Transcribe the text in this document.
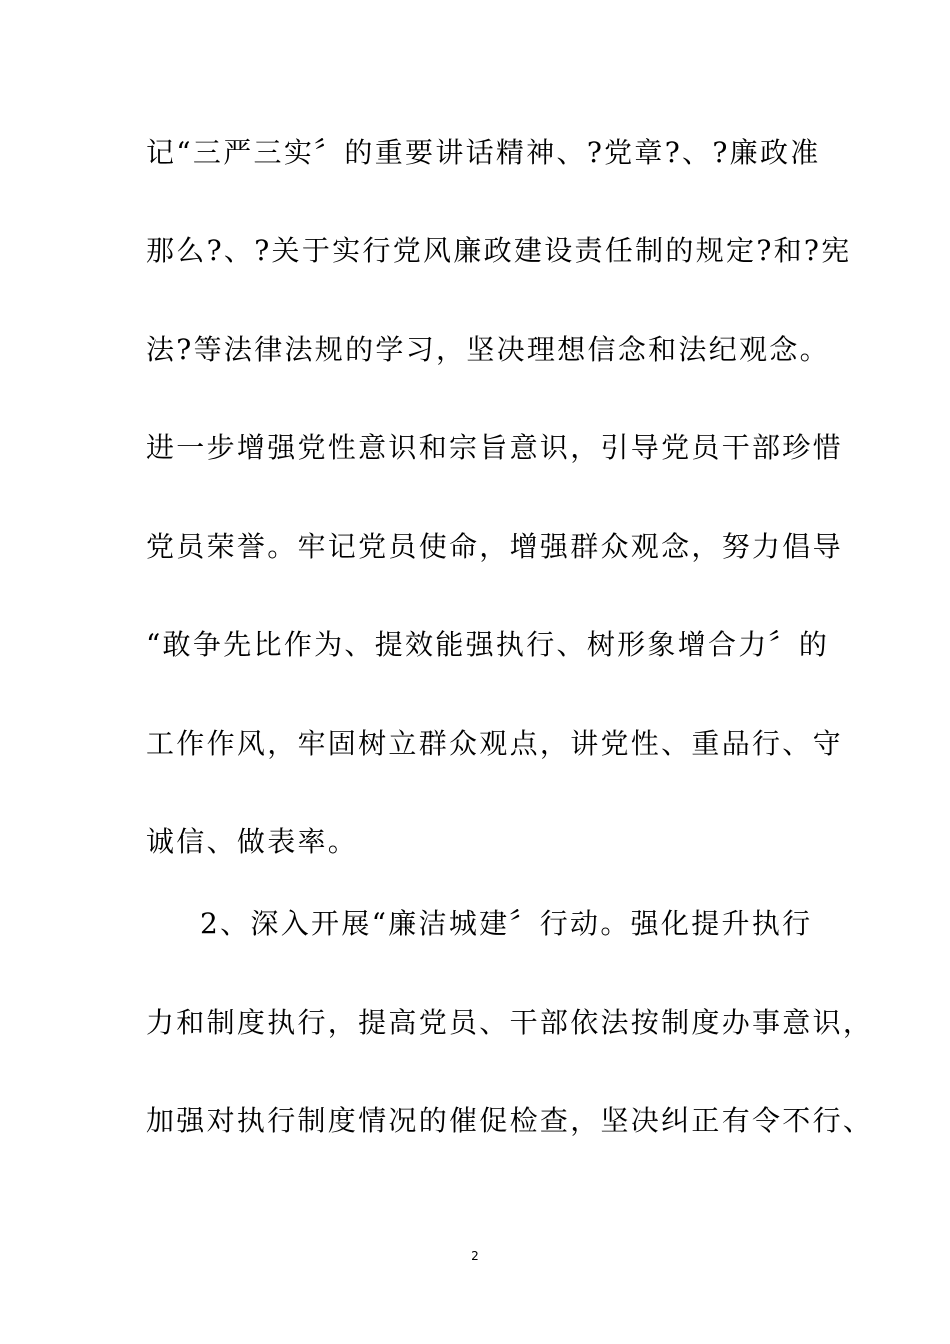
记“三严三实〞的重要讲话精神、?党章?、?廉政准
那么?、?关于实行党风廉政建设责任制的规定?和?宪
法?等法律法规的学习，坚决理想信念和法纪观念。
进一步增强党性意识和宗旨意识，引导党员干部珍惜
党员荣誉。牢记党员使命，增强群众观念，努力倡导
“敢争先比作为、提效能强执行、树形象增合力〞的
工作作风，牢固树立群众观点，讲党性、重品行、守
诚信、做表率。
2、深入开展“廉洁城建〞行动。强化提升执行
力和制度执行，提高党员、干部依法按制度办事意识，
加强对执行制度情况的催促检查，坚决纠正有令不行、
2
